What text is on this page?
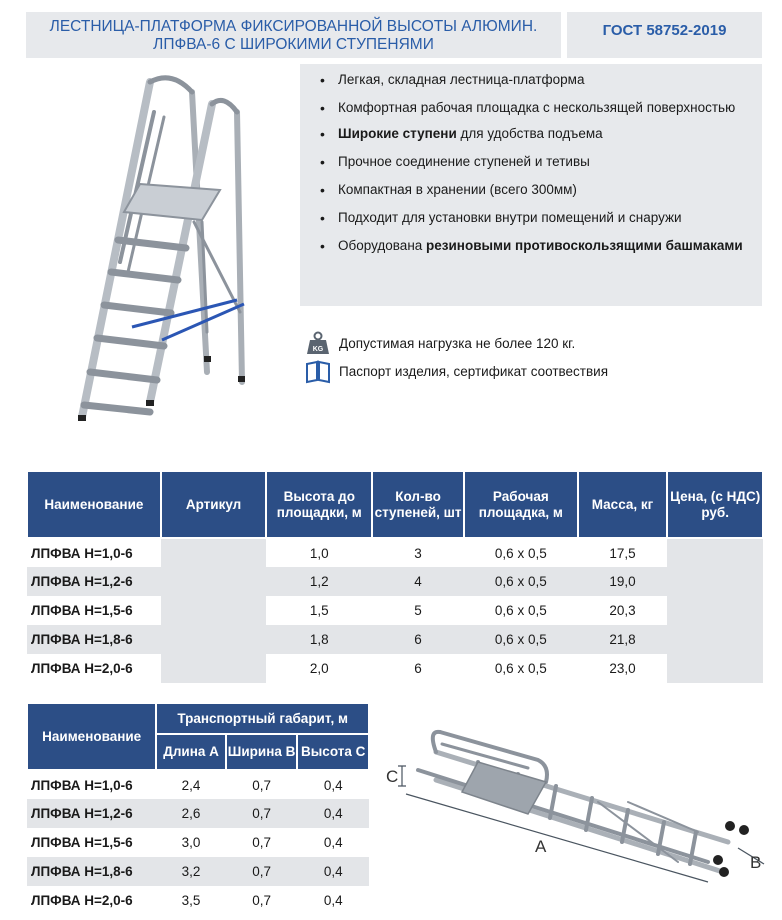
ЛЕСТНИЦА-ПЛАТФОРМА ФИКСИРОВАННОЙ ВЫСОТЫ АЛЮМИН.
ЛПФВА-6 С ШИРОКИМИ СТУПЕНЯМИ
ГОСТ 58752-2019
• Легкая, складная лестница-платформа
• Комфортная рабочая площадка с нескользящей поверхностью
• Широкие ступени для удобства подъема
• Прочное соединение ступеней и тетивы
• Компактная в хранении (всего 300мм)
• Подходит для установки внутри помещений и снаружи
• Оборудована резиновыми противоскользящими башмаками
KG Допустимая нагрузка не более 120 кг.
Паспорт изделия, сертификат соотвествия
Наименование	Артикул	Высота до площадки, м	Кол-во ступеней, шт	Рабочая площадка, м	Масса, кг	Цена, (с НДС) руб.
ЛПФВА Н=1,0-6		1,0	3	0,6 х 0,5	17,5	
ЛПФВА Н=1,2-6		1,2	4	0,6 х 0,5	19,0	
ЛПФВА Н=1,5-6		1,5	5	0,6 х 0,5	20,3	
ЛПФВА Н=1,8-6		1,8	6	0,6 х 0,5	21,8	
ЛПФВА Н=2,0-6		2,0	6	0,6 х 0,5	23,0	
Наименование	Транспортный габарит, м		
	Длина А	Ширина В	Высота С
ЛПФВА Н=1,0-6	2,4	0,7	0,4
ЛПФВА Н=1,2-6	2,6	0,7	0,4
ЛПФВА Н=1,5-6	3,0	0,7	0,4
ЛПФВА Н=1,8-6	3,2	0,7	0,4
ЛПФВА Н=2,0-6	3,5	0,7	0,4
C
A
B
